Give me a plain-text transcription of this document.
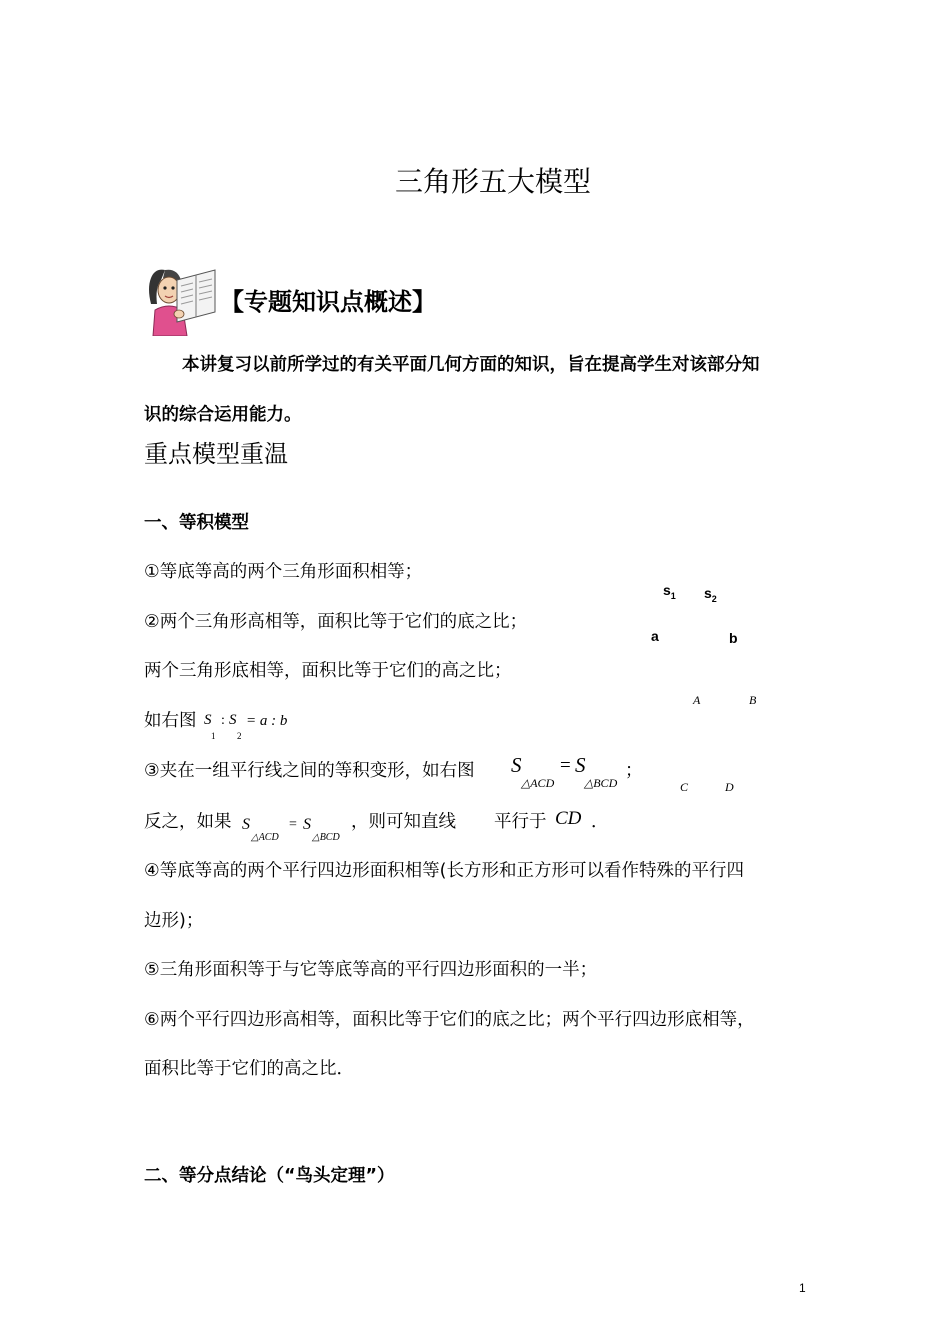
三角形五大模型
【专题知识点概述】
本讲复习以前所学过的有关平面几何方面的知识，旨在提高学生对该部分知
识的综合运用能力。
重点模型重温
一、等积模型
①等底等高的两个三角形面积相等；
②两个三角形高相等，面积比等于它们的底之比；
两个三角形底相等，面积比等于它们的高之比；
如右图 S
1
: S
2
= a : b
③夹在一组平行线之间的等积变形，如右图 S
△ACD
= S
△BCD
；
反之，如果 S
△ACD
= S
△BCD
，则可知直线 平行于 CD ．
④等底等高的两个平行四边形面积相等(长方形和正方形可以看作特殊的平行四
边形)；
⑤三角形面积等于与它等底等高的平行四边形面积的一半；
⑥两个平行四边形高相等，面积比等于它们的底之比；两个平行四边形底相等，
面积比等于它们的高之比．
二、等分点结论（“鸟头定理”）
$s_1$ $s_2$
a	b
A	B
C	D
1
